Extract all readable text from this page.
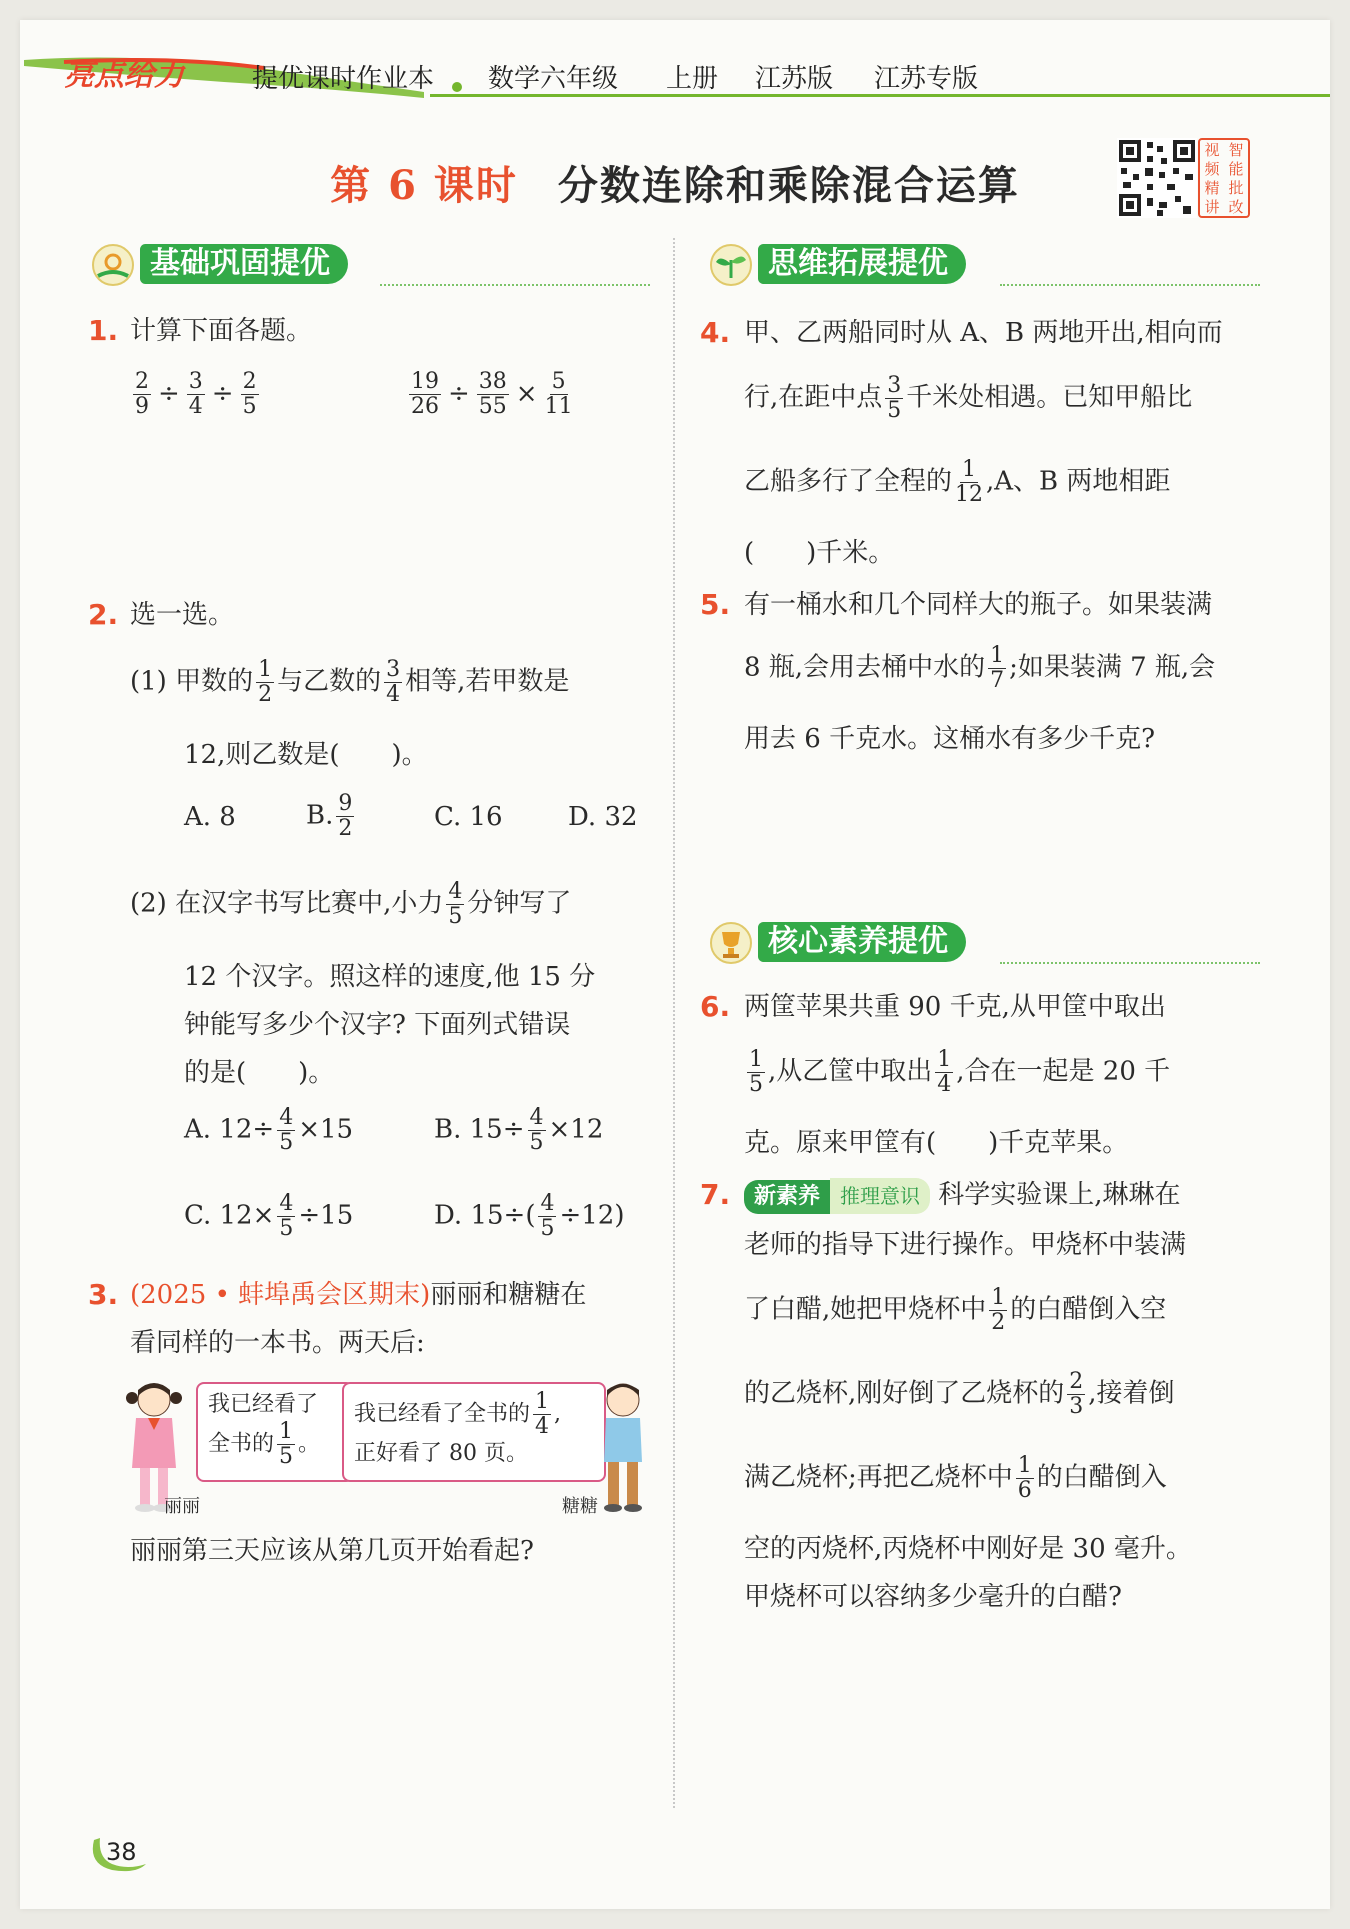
亮点给力	提优课时作业本 数学六年级 上册 江苏版 江苏专版
第 6 课时 分数连除和乘除混合运算
视 智
频 能
精 批
讲 改
基础巩固提优	思维拓展提优
核心素养提优
1. 计算下面各题。
$\frac{2}{9} \div \frac{3}{4} \div \frac{2}{5}$	$\frac{19}{26} \div \frac{38}{55} \times \frac{5}{11}$
2. 选一选。
(1) 甲数的 $\frac{1}{2}$ 与乙数的 $\frac{3}{4}$ 相等,若甲数是
12,则乙数是(　　)。
A. 8	B. $\frac{9}{2}$	C. 16	D. 32
(2) 在汉字书写比赛中,小力 $\frac{4}{5}$ 分钟写了
12 个汉字。照这样的速度,他 15 分
钟能写多少个汉字? 下面列式错误
的是(　　)。
A. $12\div \frac{4}{5} \times 15$	B. $15\div \frac{4}{5} \times 12$
C. $12\times \frac{4}{5} \div 15$	D. $15\div( \frac{4}{5} \div 12)$
3. (2025 • 蚌埠禹会区期末)丽丽和糖糖在
看同样的一本书。两天后:
我已经看了
全书的 $\frac{1}{5}$ 。
我已经看了全书的 $\frac{1}{4}$ ,
正好看了 80 页。
丽丽	糖糖
丽丽第三天应该从第几页开始看起?
4. 甲、乙两船同时从 A、B 两地开出,相向而
行,在距中点 $\frac{3}{5}$ 千米处相遇。已知甲船比
乙船多行了全程的 $\frac{1}{12} ,A$、B 两地相距
(　　)千米。
5. 有一桶水和几个同样大的瓶子。如果装满
8 瓶,会用去桶中水的 $\frac{1}{7}$ ;如果装满 7 瓶,会
用去 6 千克水。这桶水有多少千克?
6. 两筐苹果共重 90 千克,从甲筐中取出
$\frac{1}{5}$ ,从乙筐中取出 $\frac{1}{4}$ ,合在一起是 20 千
克。原来甲筐有(　　)千克苹果。
7.	新素养 推理意识 科学实验课上,琳琳在
老师的指导下进行操作。甲烧杯中装满
了白醋,她把甲烧杯中 $\frac{1}{2}$ 的白醋倒入空
的乙烧杯,刚好倒了乙烧杯的 $\frac{2}{3}$ ,接着倒
满乙烧杯;再把乙烧杯中 $\frac{1}{6}$ 的白醋倒入
空的丙烧杯,丙烧杯中刚好是 30 毫升。
甲烧杯可以容纳多少毫升的白醋?
38
